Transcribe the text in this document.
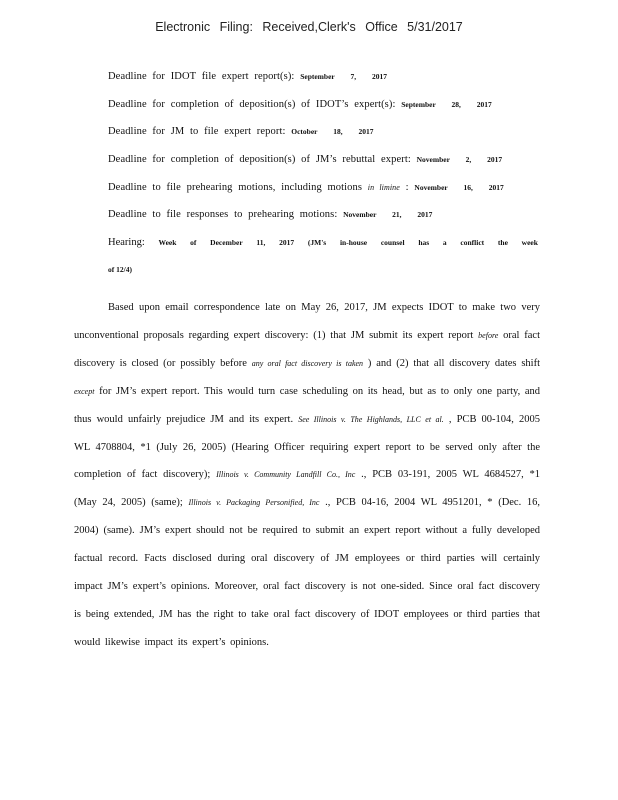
Electronic Filing: Received,Clerk's Office 5/31/2017
Deadline for IDOT file expert report(s): September 7, 2017
Deadline for completion of deposition(s) of IDOT’s expert(s): September 28, 2017
Deadline for JM to file expert report: October 18, 2017
Deadline for completion of deposition(s) of JM’s rebuttal expert: November 2, 2017
Deadline to file prehearing motions, including motions in limine : November 16, 2017
Deadline to file responses to prehearing motions: November 21, 2017
Hearing: Week of December 11, 2017 (JM's in-house counsel has a conflict the week
of 12/4)
Based upon email correspondence late on May 26, 2017, JM expects IDOT to make two very unconventional proposals regarding expert discovery: (1) that JM submit its expert report before oral fact discovery is closed (or possibly before any oral fact discovery is taken ) and (2) that all discovery dates shift except for JM’s expert report. This would turn case scheduling on its head, but as to only one party, and thus would unfairly prejudice JM and its expert. See Illinois v. The Highlands, LLC et al. , PCB 00-104, 2005 WL 4708804, *1 (July 26, 2005) (Hearing Officer requiring expert report to be served only after the completion of fact discovery); Illinois v. Community Landfill Co., Inc ., PCB 03-191, 2005 WL 4684527, *1 (May 24, 2005) (same); Illinois v. Packaging Personified, Inc ., PCB 04-16, 2004 WL 4951201, * (Dec. 16, 2004) (same). JM’s expert should not be required to submit an expert report without a fully developed factual record. Facts disclosed during oral discovery of JM employees or third parties will certainly impact JM’s expert’s opinions. Moreover, oral fact discovery is not one-sided. Since oral fact discovery is being extended, JM has the right to take oral fact discovery of IDOT employees or third parties that would likewise impact its expert’s opinions.
